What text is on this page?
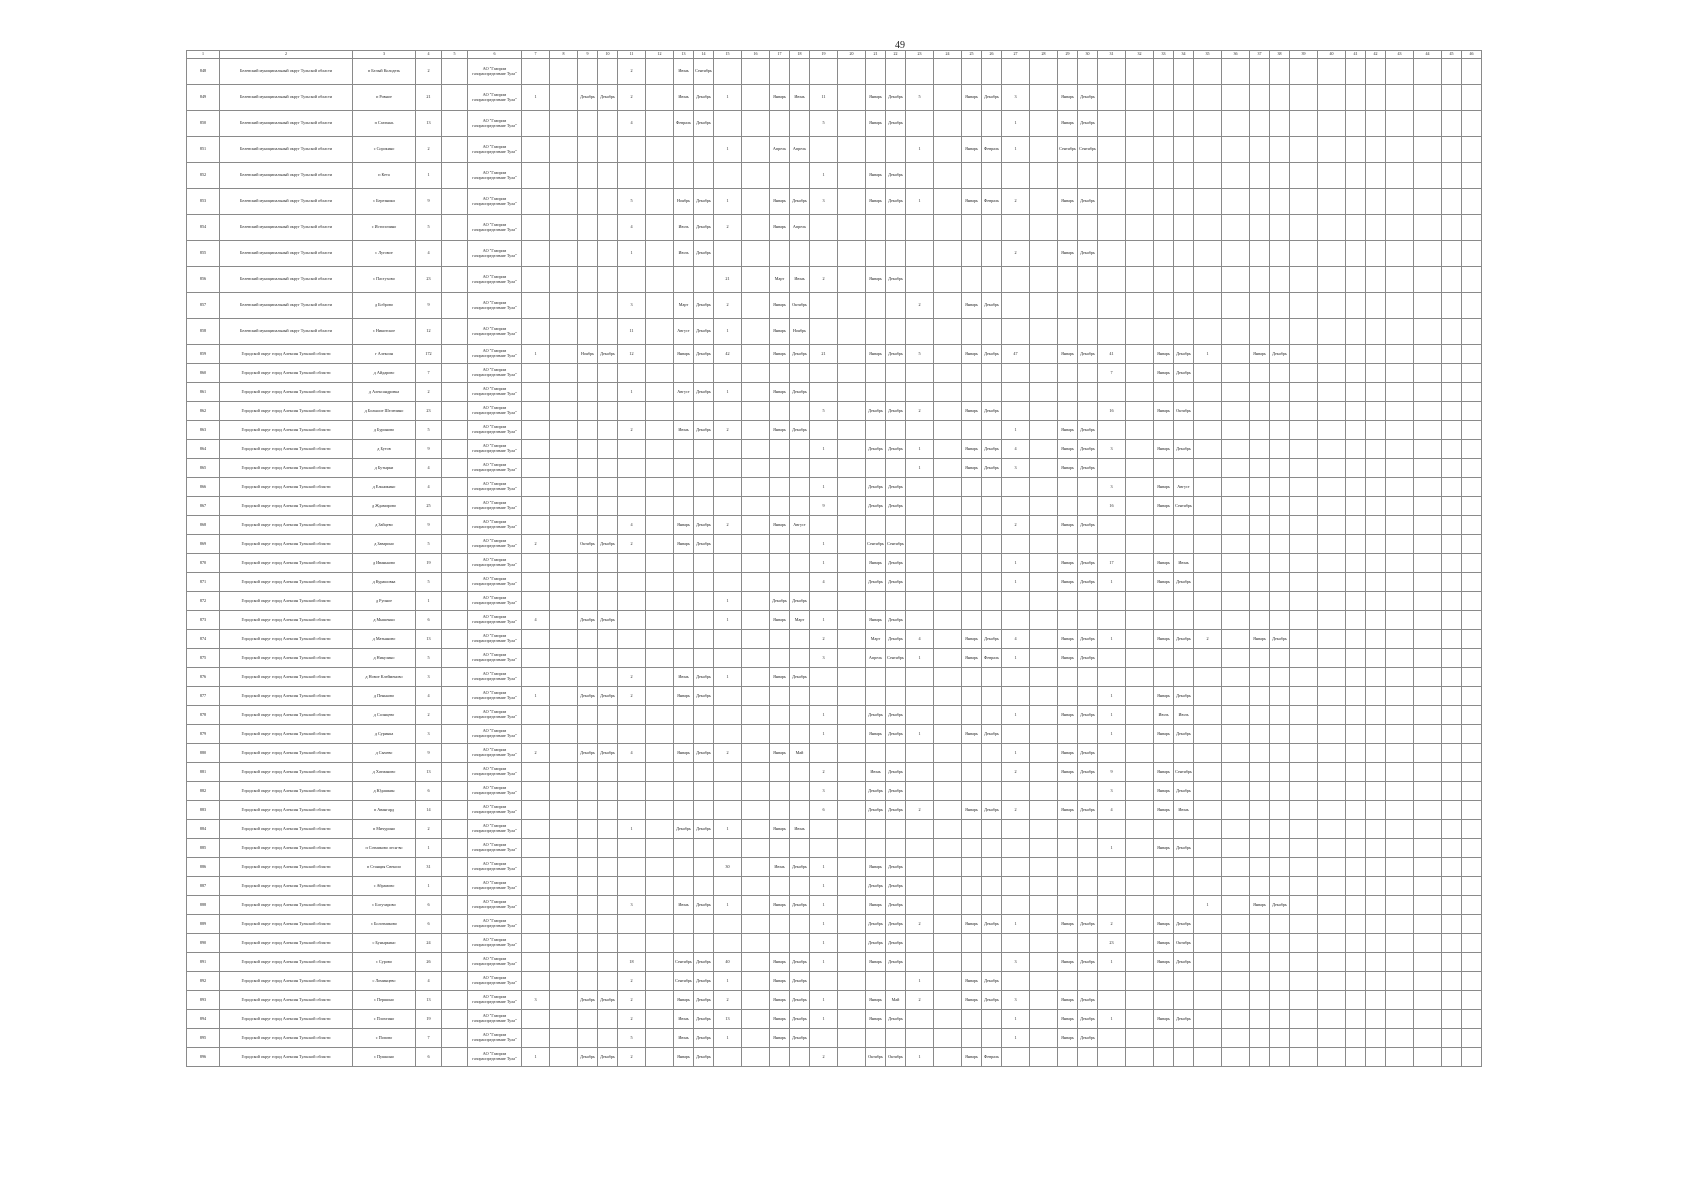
49
1	2	3	4	5	6	7	8	9	10	11	12	13	14	15	16	17	18	19	20	21	22	23	24	25	26	27	28	29	30	31	32	33	34	35	36	37	38	39	40	41	42	43	44	45	46
848	Белевский муниципальный округ Тульской области	п Белый Колодезь	2		АО "Газпром газораспределение Тула"					2		Июнь	Сентябрь																																
849	Белевский муниципальный округ Тульской области	п Ровное	21		АО "Газпром газораспределение Тула"	1		Декабрь	Декабрь	2		Июнь	Декабрь	1		Январь	Июнь	11		Январь	Декабрь	5		Январь	Декабрь	3		Январь	Декабрь																
850	Белевский муниципальный округ Тульской области	п Сахтынь	13		АО "Газпром газораспределение Тула"					4		Февраль	Декабрь					5		Январь	Декабрь					1		Январь	Декабрь																
851	Белевский муниципальный округ Тульской области	с Сорокино	2		АО "Газпром газораспределение Тула"									1		Апрель	Апрель					1		Январь	Февраль	1		Сентябрь	Сентябрь																
852	Белевский муниципальный округ Тульской области	п Кета	1		АО "Газпром газораспределение Тула"													1		Январь	Декабрь																								
853	Белевский муниципальный округ Тульской области	с Березники	9		АО "Газпром газораспределение Тула"					5		Ноябрь	Декабрь	1		Январь	Декабрь	3		Январь	Декабрь	1		Январь	Февраль	2		Январь	Декабрь																
854	Белевский муниципальный округ Тульской области	с Истопочино	5		АО "Газпром газораспределение Тула"					4		Июль	Декабрь	2		Январь	Апрель																												
855	Белевский муниципальный округ Тульской области	с Луговое	4		АО "Газпром газораспределение Тула"					1		Июль	Декабрь													2		Январь	Декабрь																
856	Белевский муниципальный округ Тульской области	с Пастухово	23		АО "Газпром газораспределение Тула"									21		Март	Июнь	2		Январь	Декабрь																								
857	Белевский муниципальный округ Тульской области	д Боброво	9		АО "Газпром газораспределение Тула"					3		Март	Декабрь	2		Январь	Октябрь					2		Январь	Декабрь																				
858	Белевский муниципальный округ Тульской области	с Никитское	12		АО "Газпром газораспределение Тула"					11		Август	Декабрь	1		Январь	Ноябрь																												
859	Городской округ город Алексин Тульской области	г Алексин	172		АО "Газпром газораспределение Тула"	1		Ноябрь	Декабрь	12		Январь	Декабрь	42		Январь	Декабрь	21		Январь	Декабрь	5		Январь	Декабрь	47		Январь	Декабрь	41		Январь	Декабрь	1		Январь	Декабрь								
860	Городской округ город Алексин Тульской области	д Айдарово	7		АО "Газпром газораспределение Тула"																									7		Январь	Декабрь												
861	Городской округ город Алексин Тульской области	д Александровка	2		АО "Газпром газораспределение Тула"					1		Август	Декабрь	1		Январь	Декабрь																												
862	Городской округ город Алексин Тульской области	д Большое Шелепино	23		АО "Газпром газораспределение Тула"													5		Декабрь	Декабрь	2		Январь	Декабрь					16		Январь	Октябрь												
863	Городской округ город Алексин Тульской области	д Буриново	5		АО "Газпром газораспределение Тула"					2		Июнь	Декабрь	2		Январь	Декабрь									1		Январь	Декабрь																
864	Городской округ город Алексин Тульской области	д Бутов	9		АО "Газпром газораспределение Тула"													1		Декабрь	Декабрь	1		Январь	Декабрь	4		Январь	Декабрь	3		Январь	Декабрь												
865	Городской округ город Алексин Тульской области	д Бутырки	4		АО "Газпром газораспределение Тула"																	1		Январь	Декабрь	3		Январь	Декабрь																
866	Городской округ город Алексин Тульской области	д Ельникино	4		АО "Газпром газораспределение Тула"													1		Декабрь	Декабрь									3		Январь	Август												
867	Городской округ город Алексин Тульской области	д Ждамирово	25		АО "Газпром газораспределение Тула"													9		Декабрь	Декабрь									16		Январь	Сентябрь												
868	Городской округ город Алексин Тульской области	д Зайцево	9		АО "Газпром газораспределение Тула"					4		Январь	Декабрь	2		Январь	Август									2		Январь	Декабрь																
869	Городской округ город Алексин Тульской области	д Заварино	5		АО "Газпром газораспределение Тула"	2		Октябрь	Декабрь	2		Январь	Декабрь					1		Сентябрь	Сентябрь																								
870	Городской округ город Алексин Тульской области	д Иваньково	19		АО "Газпром газораспределение Тула"													1		Январь	Декабрь					1		Январь	Декабрь	17		Январь	Июнь												
871	Городской округ город Алексин Тульской области	д Курашовка	5		АО "Газпром газораспределение Тула"													4		Декабрь	Декабрь					1		Январь	Декабрь	1		Январь	Декабрь												
872	Городской округ город Алексин Тульской области	д Рупное	1		АО "Газпром газораспределение Тула"									1		Декабрь	Декабрь																												
873	Городской округ город Алексин Тульской области	д Мышенки	6		АО "Газпром газораспределение Тула"	4		Декабрь	Декабрь					1		Январь	Март	1		Январь	Декабрь																								
874	Городской округ город Алексин Тульской области	д Матьяново	13		АО "Газпром газораспределение Тула"													2		Март	Декабрь	4		Январь	Декабрь	4		Январь	Декабрь	1		Январь	Декабрь	2		Январь	Декабрь								
875	Городской округ город Алексин Тульской области	д Никулино	5		АО "Газпром газораспределение Тула"													3		Апрель	Сентябрь	1		Январь	Февраль	1		Январь	Декабрь																
876	Городской округ город Алексин Тульской области	д Новое Клейменово	3		АО "Газпром газораспределение Тула"					2		Июнь	Декабрь	1		Январь	Декабрь																												
877	Городской округ город Алексин Тульской области	д Пеньково	4		АО "Газпром газораспределение Тула"	1		Декабрь	Декабрь	2		Январь	Декабрь																	1		Январь	Декабрь												
878	Городской округ город Алексин Тульской области	д Солнцево	2		АО "Газпром газораспределение Тула"													1		Декабрь	Декабрь					1		Январь	Декабрь	1		Июль	Июль												
879	Городской округ город Алексин Тульской области	д Суринка	3		АО "Газпром газораспределение Тула"													1		Январь	Декабрь	1		Январь	Декабрь					1		Январь	Декабрь												
880	Городской округ город Алексин Тульской области	д Сычево	9		АО "Газпром газораспределение Тула"	2		Декабрь	Декабрь	4		Январь	Декабрь	2		Январь	Май									1		Январь	Декабрь																
881	Городской округ город Алексин Тульской области	д Хатманово	13		АО "Газпром газораспределение Тула"													2		Июнь	Декабрь					2		Январь	Декабрь	9		Январь	Сентябрь												
882	Городской округ город Алексин Тульской области	д Юдашкин	6		АО "Газпром газораспределение Тула"													3		Декабрь	Декабрь									3		Январь	Декабрь												
883	Городской округ город Алексин Тульской области	п Авангард	14		АО "Газпром газораспределение Тула"													6		Декабрь	Декабрь	2		Январь	Декабрь	2		Январь	Декабрь	4		Январь	Июнь												
884	Городской округ город Алексин Тульской области	п Мичурино	2		АО "Газпром газораспределение Тула"					1		Декабрь	Декабрь	1		Январь	Июнь																												
885	Городской округ город Алексин Тульской области	п Сотниково лесн-во	1		АО "Газпром газораспределение Тула"																									1		Январь	Декабрь												
886	Городской округ город Алексин Тульской области	п Станция Свеколо	31		АО "Газпром газораспределение Тула"									30		Июнь	Декабрь	1		Январь	Декабрь																								
887	Городской округ город Алексин Тульской области	с Абрамово	1		АО "Газпром газораспределение Тула"													1		Декабрь	Декабрь																								
888	Городской округ город Алексин Тульской области	с Богучарово	6		АО "Газпром газораспределение Тула"					3		Июнь	Декабрь	1		Январь	Декабрь	1		Январь	Декабрь													1		Январь	Декабрь								
889	Городской округ город Алексин Тульской области	с Болотниково	6		АО "Газпром газораспределение Тула"													1		Декабрь	Декабрь	2		Январь	Декабрь	1		Январь	Декабрь	2		Январь	Декабрь												
890	Городской округ город Алексин Тульской области	с Буныркино	24		АО "Газпром газораспределение Тула"													1		Декабрь	Декабрь									23		Январь	Октябрь												
891	Городской округ город Алексин Тульской области	с Сурово	26		АО "Газпром газораспределение Тула"					18		Сентябрь	Декабрь	40		Январь	Декабрь	1		Январь	Декабрь					3		Январь	Декабрь	1		Январь	Декабрь												
892	Городской округ город Алексин Тульской области	с Ломинцево	4		АО "Газпром газораспределение Тула"					2		Сентябрь	Декабрь	1		Январь	Декабрь					1		Январь	Декабрь																				
893	Городской округ город Алексин Тульской области	с Першино	13		АО "Газпром газораспределение Тула"	3		Декабрь	Декабрь	2		Январь	Декабрь	2		Январь	Декабрь	1		Январь	Май	2		Январь	Декабрь	3		Январь	Декабрь																
894	Городской округ город Алексин Тульской области	с Плохтино	19		АО "Газпром газораспределение Тула"					2		Июнь	Декабрь	13		Январь	Декабрь	1		Январь	Декабрь					1		Январь	Декабрь	1		Январь	Декабрь												
895	Городской округ город Алексин Тульской области	с Попово	7		АО "Газпром газораспределение Тула"					5		Июнь	Декабрь	1		Январь	Декабрь									1		Январь	Декабрь																
896	Городской округ город Алексин Тульской области	с Пушкино	6		АО "Газпром газораспределение Тула"	1		Декабрь	Декабрь	2		Январь	Декабрь					2		Октябрь	Октябрь	1		Январь	Февраль																				
